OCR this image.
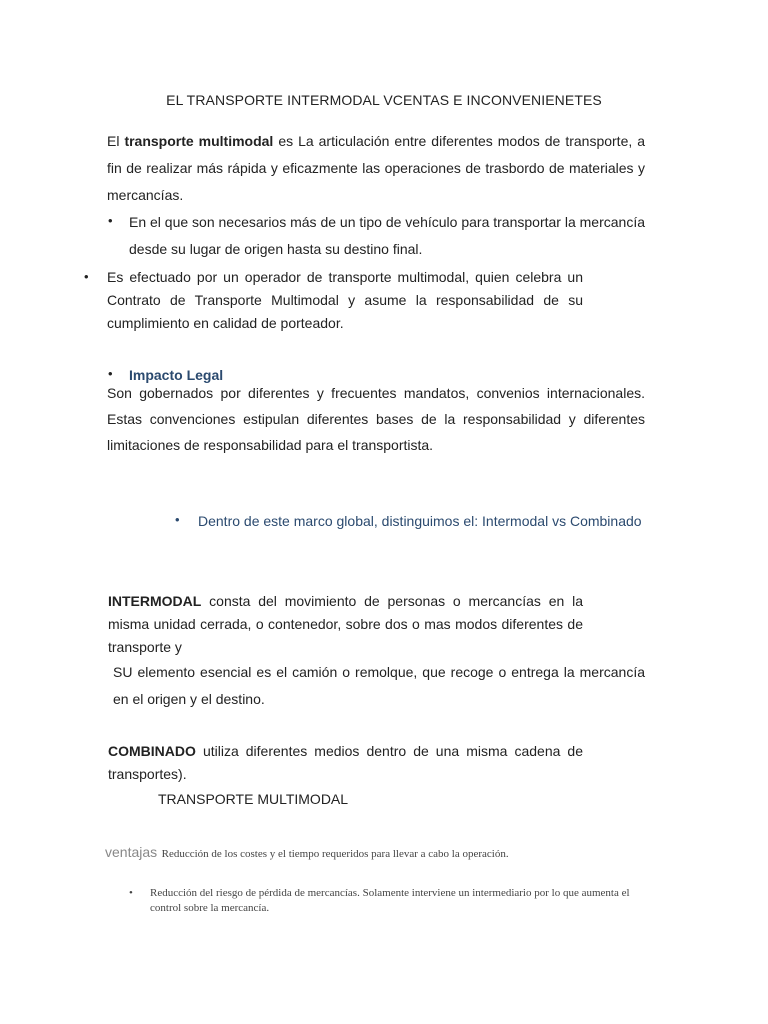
EL TRANSPORTE INTERMODAL VCENTAS E INCONVENIENETES
El transporte multimodal es La articulación entre diferentes modos de transporte, a fin de realizar más rápida y eficazmente las operaciones de trasbordo de materiales y mercancías.
• En el que son necesarios más de un tipo de vehículo para transportar la mercancía desde su lugar de origen hasta su destino final.
• Es efectuado por un operador de transporte multimodal, quien celebra un Contrato de Transporte Multimodal y asume la responsabilidad de su cumplimiento en calidad de porteador.
• Impacto Legal
Son gobernados por diferentes y frecuentes mandatos, convenios internacionales. Estas convenciones estipulan diferentes bases de la responsabilidad y diferentes limitaciones de responsabilidad para el transportista.
• Dentro de este marco global, distinguimos el: Intermodal vs Combinado
INTERMODAL consta del movimiento de personas o mercancías en la misma unidad cerrada, o contenedor, sobre dos o mas modos diferentes de transporte y
SU elemento esencial es el camión o remolque, que recoge o entrega la mercancía en el origen y el destino.
COMBINADO utiliza diferentes medios dentro de una misma cadena de transportes).
TRANSPORTE MULTIMODAL
ventajas Reducción de los costes y el tiempo requeridos para llevar a cabo la operación.
• Reducción del riesgo de pérdida de mercancías. Solamente interviene un intermediario por lo que aumenta el control sobre la mercancía.
